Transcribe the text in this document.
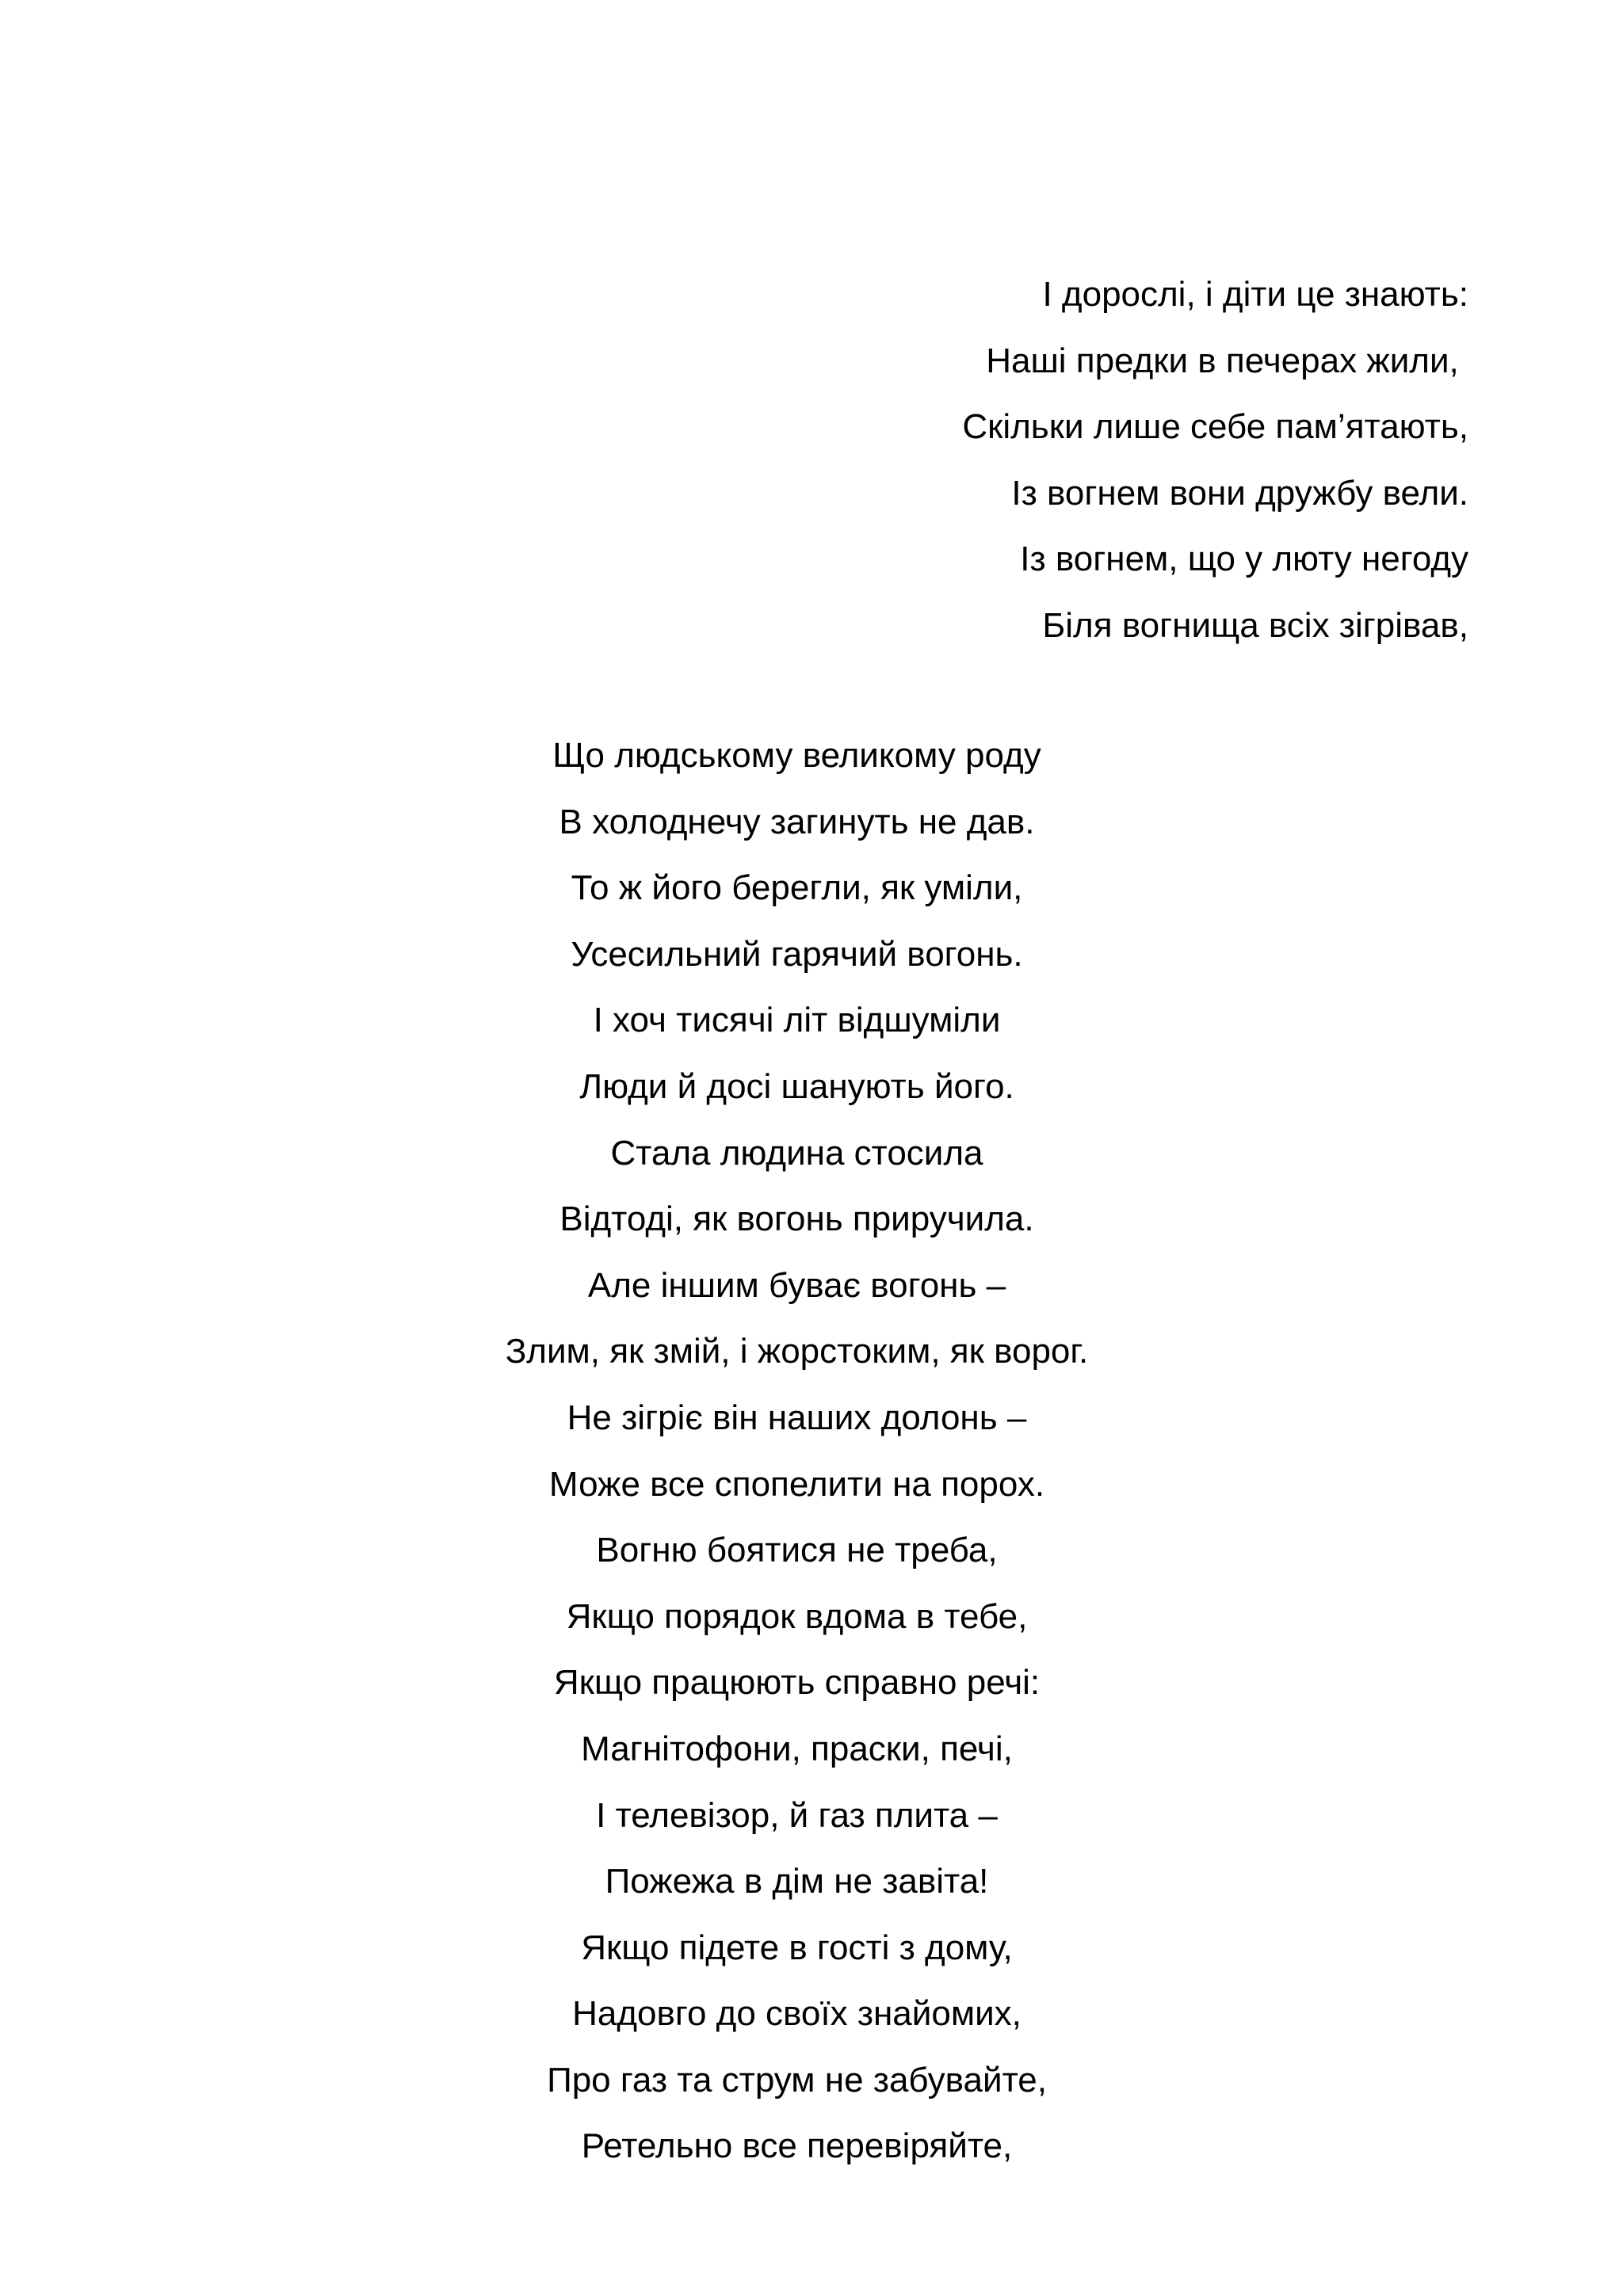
І дорослі, і діти це знають:
Наші предки в печерах жили,
Скільки лише себе пам’ятають,
Із вогнем вони дружбу вели.
Із вогнем, що у люту негоду
Біля вогнища всіх зігрівав,
Що людському великому роду
В холоднечу загинуть не дав.
То ж його берегли, як уміли,
Усесильний гарячий вогонь.
І хоч тисячі літ відшуміли
Люди й досі шанують його.
Стала людина стосила
Відтоді, як вогонь приручила.
Але іншим буває вогонь –
Злим, як змій, і жорстоким, як ворог.
Не зігріє він наших долонь –
Може все спопелити на порох.
Вогню боятися не треба,
Якщо порядок вдома в тебе,
Якщо працюють справно речі:
Магнітофони, праски, печі,
І телевізор, й газ плита –
Пожежа в дім не завіта!
Якщо підете в гості з дому,
Надовго до своїх знайомих,
Про газ та струм не забувайте,
Ретельно все перевіряйте,
